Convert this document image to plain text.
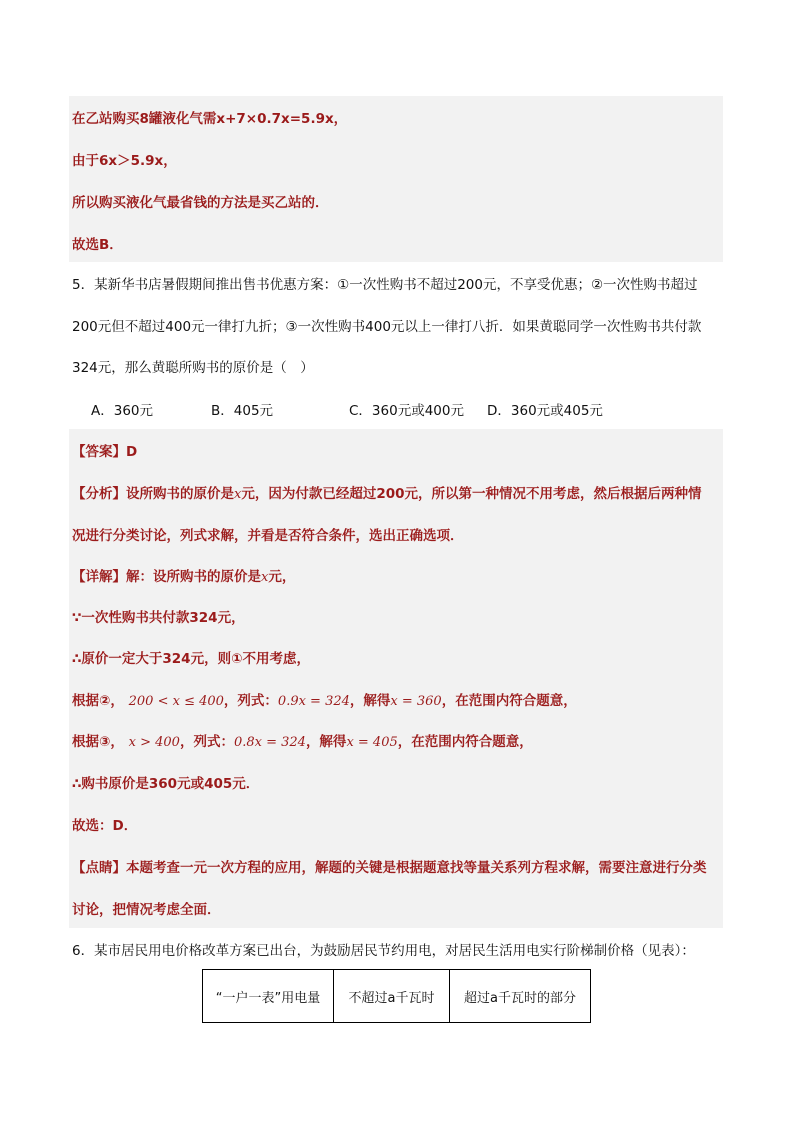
在乙站购买8罐液化气需x+7×0.7x=5.9x，
由于6x＞5.9x，
所以购买液化气最省钱的方法是买乙站的．
故选B．
5．某新华书店暑假期间推出售书优惠方案：①一次性购书不超过200元，不享受优惠；②一次性购书超过
200元但不超过400元一律打九折；③一次性购书400元以上一律打八折．如果黄聪同学一次性购书共付款
324元，那么黄聪所购书的原价是（　）
A．360元	B．405元	C．360元或400元 D．360元或405元
【答案】D
【分析】设所购书的原价是x元，因为付款已经超过200元，所以第一种情况不用考虑，然后根据后两种情
况进行分类讨论，列式求解，并看是否符合条件，选出正确选项．
【详解】解：设所购书的原价是x元，
∵一次性购书共付款324元，
∴原价一定大于324元，则①不用考虑，
根据②， 200 < x ≤ 400，列式：0.9x = 324，解得x = 360，在范围内符合题意，
根据③， x > 400，列式：0.8x = 324，解得x = 405，在范围内符合题意，
∴购书原价是360元或405元．
故选：D．
【点睛】本题考查一元一次方程的应用，解题的关键是根据题意找等量关系列方程求解，需要注意进行分类
讨论，把情况考虑全面．
6．某市居民用电价格改革方案已出台，为鼓励居民节约用电，对居民生活用电实行阶梯制价格（见表）：
“一户一表”用电量	不超过a千瓦时	超过a千瓦时的部分
